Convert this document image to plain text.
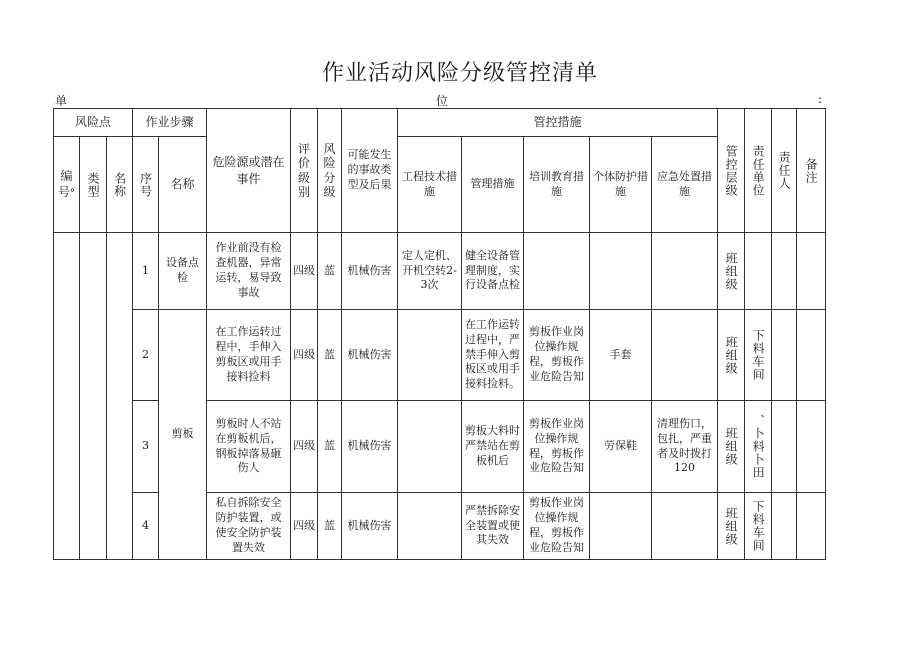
作业活动风险分级管控清单
单	位	:
风险点			作业步骤		危险源或潜在 事件	评价级别	风险分级	可能发生的事故类型及后果	管控措施					管控层级	责任单位	责任人	备注
编号°	类型	名称	序号	名称					工程技术措施	管理措施	培训教育措施	个体防护措施	应急处置措施				
			1	设备点检	作业前没有检 查机器，异常 运转，易导致 事故	四级	蓝	机械伤害	定人定机、开机空转2-3次	健全设备管理制度，实行设备点检				班组级			
			2	剪板	在工作运转过 程中，手伸入 剪板区或用手 接料捡料	四级	蓝	机械伤害		在工作运转过程中，严禁手伸入剪板区或用手接料捡料。	剪板作业岗位操作规程，剪板作业危险告知	手套		班组级	下料车间		
			3		剪板时人不站 在剪板机后， 钢板掉落易砸 伤人	四级	蓝	机械伤害		剪板大料时严禁站在剪板机后	剪板作业岗位操作规程，剪板作业危险告知	劳保鞋	清理伤口，包扎，严重者及时拨打120	班组级	、卜料卜田		
			4		私自拆除安全 防护装置，或 使安全防护装 置失效	四级	蓝	机械伤害		严禁拆除安全装置或使其失效	剪板作业岗位操作规程，剪板作业危险告知			班组级	下料车间		
